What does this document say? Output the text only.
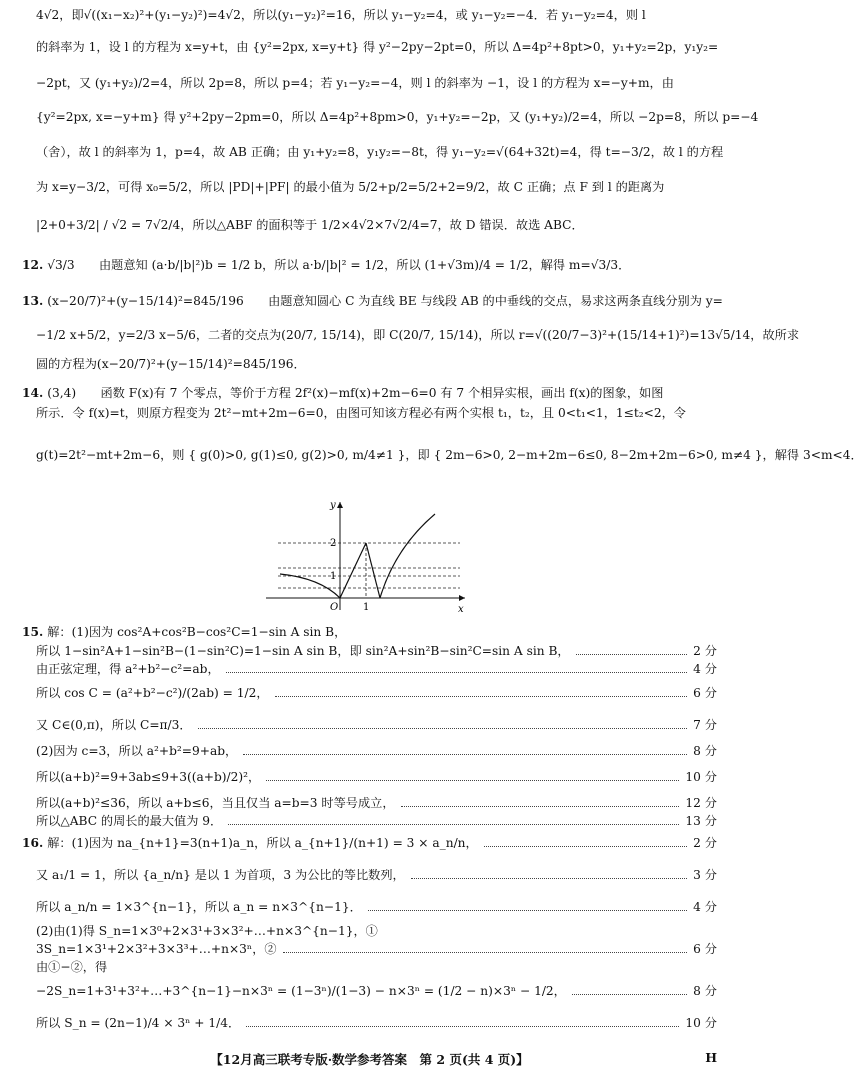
4√2，即√((x₁−x₂)²+(y₁−y₂)²)=4√2，所以(y₁−y₂)²=16，所以 y₁−y₂=4，或 y₁−y₂=−4．若 y₁−y₂=4，则 l
的斜率为 1，设 l 的方程为 x=y+t，由 {y²=2px, x=y+t} 得 y²−2py−2pt=0，所以 Δ=4p²+8pt>0，y₁+y₂=2p，y₁y₂=
−2pt，又 (y₁+y₂)/2=4，所以 2p=8，所以 p=4；若 y₁−y₂=−4，则 l 的斜率为 −1，设 l 的方程为 x=−y+m，由
{y²=2px, x=−y+m} 得 y²+2py−2pm=0，所以 Δ=4p²+8pm>0，y₁+y₂=−2p，又 (y₁+y₂)/2=4，所以 −2p=8，所以 p=−4
（舍），故 l 的斜率为 1，p=4，故 AB 正确；由 y₁+y₂=8，y₁y₂=−8t，得 y₁−y₂=√(64+32t)=4，得 t=−3/2，故 l 的方程
为 x=y−3/2，可得 x₀=5/2，所以 |PD|+|PF| 的最小值为 5/2+p/2=5/2+2=9/2，故 C 正确；点 F 到 l 的距离为
|2+0+3/2| / √2 = 7√2/4，所以△ABF 的面积等于 1/2×4√2×7√2/4=7，故 D 错误．故选 ABC．
12. √3/3　　由题意知 (a·b/|b|²)b = 1/2 b，所以 a·b/|b|² = 1/2，所以 (1+√3m)/4 = 1/2，解得 m=√3/3．
13. (x−20/7)²+(y−15/14)²=845/196　　由题意知圆心 C 为直线 BE 与线段 AB 的中垂线的交点，易求这两条直线分别为 y=
−1/2 x+5/2，y=2/3 x−5/6，二者的交点为(20/7, 15/14)，即 C(20/7, 15/14)，所以 r=√((20/7−3)²+(15/14+1)²)=13√5/14，故所求
圆的方程为(x−20/7)²+(y−15/14)²=845/196．
14. (3,4)　　函数 F(x)有 7 个零点，等价于方程 2f²(x)−mf(x)+2m−6=0 有 7 个相异实根，画出 f(x)的图象，如图
所示．令 f(x)=t，则原方程变为 2t²−mt+2m−6=0，由图可知该方程必有两个实根 t₁，t₂，且 0<t₁<1，1≤t₂<2，令
g(t)=2t²−mt+2m−6，则 { g(0)>0, g(1)≤0, g(2)>0, m/4≠1 }，即 { 2m−6>0, 2−m+2m−6≤0, 8−2m+2m−6>0, m≠4 }，解得 3<m<4．
y
x
O
2
1
1
15. 解：(1)因为 cos²A+cos²B−cos²C=1−sin A sin B，
所以 1−sin²A+1−sin²B−(1−sin²C)=1−sin A sin B，即 sin²A+sin²B−sin²C=sin A sin B，	2 分
由正弦定理，得 a²+b²−c²=ab，	4 分
所以 cos C = (a²+b²−c²)/(2ab) = 1/2，	6 分
又 C∈(0,π)，所以 C=π/3．	7 分
(2)因为 c=3，所以 a²+b²=9+ab，	8 分
所以(a+b)²=9+3ab≤9+3((a+b)/2)²，	10 分
所以(a+b)²≤36，所以 a+b≤6，当且仅当 a=b=3 时等号成立，	12 分
所以△ABC 的周长的最大值为 9．	13 分
16. 解：(1)因为 na_{n+1}=3(n+1)a_n，所以 a_{n+1}/(n+1) = 3 × a_n/n，	2 分
又 a₁/1 = 1，所以 {a_n/n} 是以 1 为首项，3 为公比的等比数列，	3 分
所以 a_n/n = 1×3^{n−1}，所以 a_n = n×3^{n−1}．	4 分
(2)由(1)得 S_n=1×3⁰+2×3¹+3×3²+…+n×3^{n−1}，①
3S_n=1×3¹+2×3²+3×3³+…+n×3ⁿ，②	6 分
由①−②，得
−2S_n=1+3¹+3²+…+3^{n−1}−n×3ⁿ = (1−3ⁿ)/(1−3) − n×3ⁿ = (1/2 − n)×3ⁿ − 1/2，	8 分
所以 S_n = (2n−1)/4 × 3ⁿ + 1/4．	10 分
【12月高三联考专版·数学参考答案　第 2 页(共 4 页)】	H
